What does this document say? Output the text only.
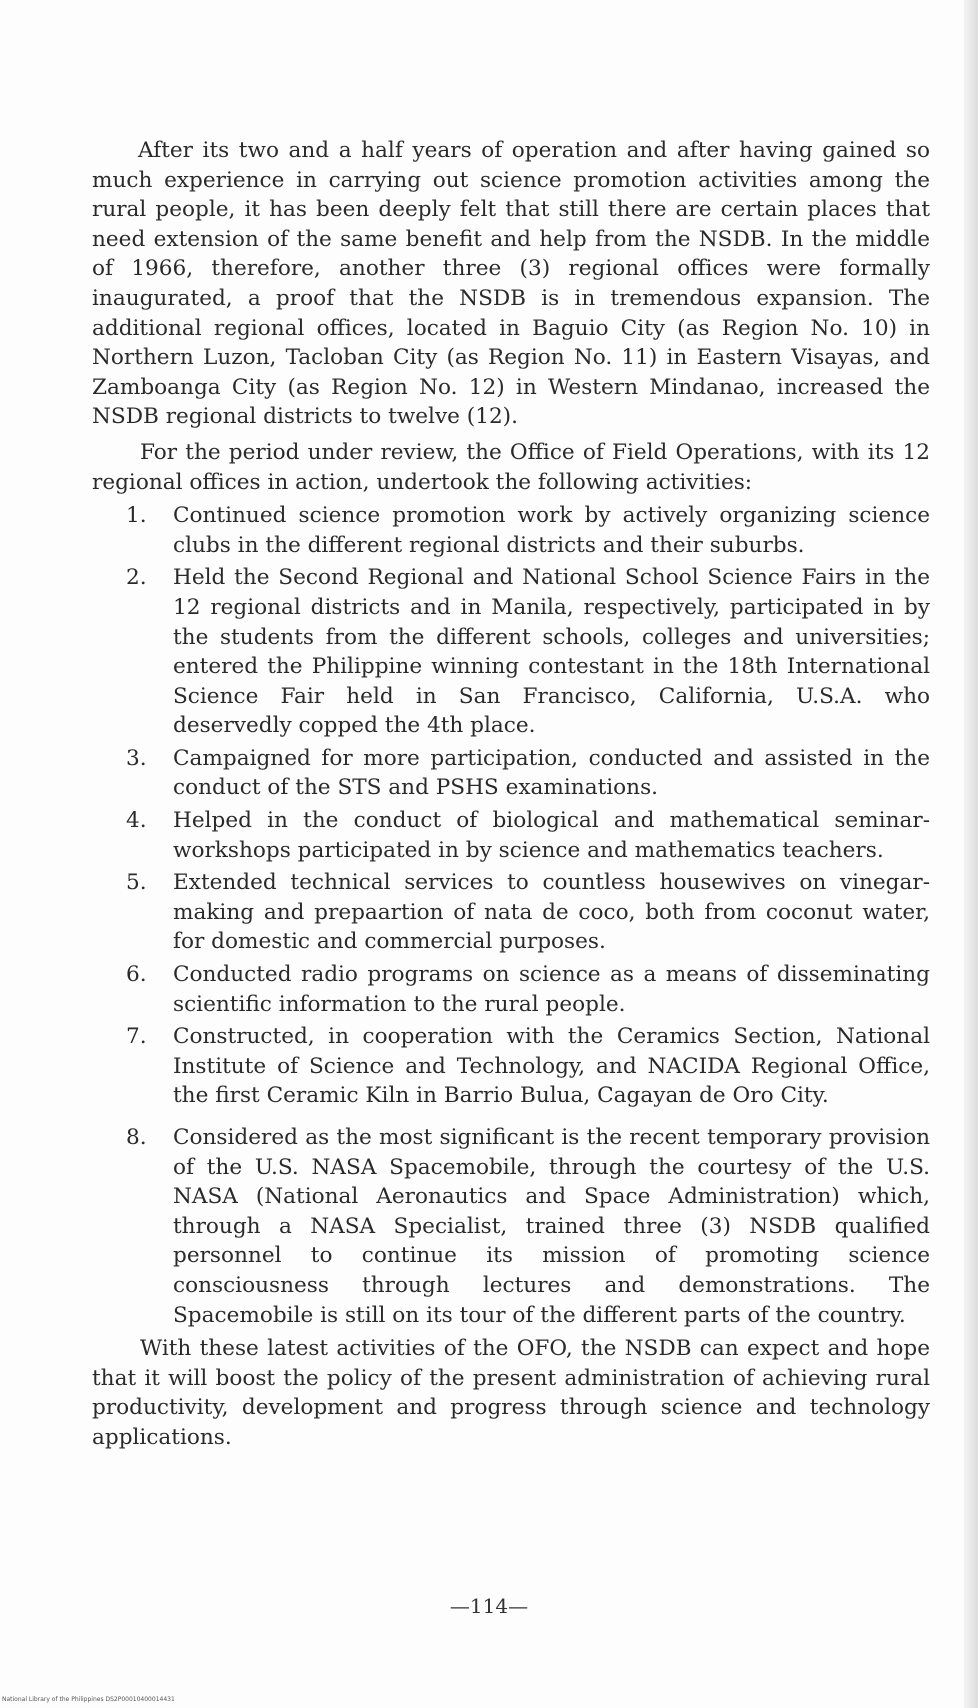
After its two and a half years of operation and after having gained so much experience in carrying out science promotion activities among the rural people, it has been deeply felt that still there are certain places that need extension of the same benefit and help from the NSDB. In the middle of 1966, therefore, another three (3) regional offices were formally inaugurated, a proof that the NSDB is in tremendous expansion. The additional regional offices, located in Baguio City (as Region No. 10) in Northern Luzon, Tacloban City (as Region No. 11) in Eastern Visayas, and Zamboanga City (as Region No. 12) in Western Mindanao, increased the NSDB regional districts to twelve (12).

For the period under review, the Office of Field Operations, with its 12 regional offices in action, undertook the following activities:

1.	Continued science promotion work by actively organizing science clubs in the different regional districts and their suburbs.
2.	Held the Second Regional and National School Science Fairs in the 12 regional districts and in Manila, respectively, participated in by the students from the different schools, colleges and universities; entered the Philippine winning contestant in the 18th International Science Fair held in San Francisco, California, U.S.A. who deservedly copped the 4th place.
3.	Campaigned for more participation, conducted and assisted in the conduct of the STS and PSHS examinations.
4.	Helped in the conduct of biological and mathematical seminar-workshops participated in by science and mathematics teachers.
5.	Extended technical services to countless housewives on vinegar-making and prepaartion of nata de coco, both from coconut water, for domestic and commercial purposes.
6.	Conducted radio programs on science as a means of disseminating scientific information to the rural people.
7.	Constructed, in cooperation with the Ceramics Section, National Institute of Science and Technology, and NACIDA Regional Office, the first Ceramic Kiln in Barrio Bulua, Cagayan de Oro City.
8.	Considered as the most significant is the recent temporary provision of the U.S. NASA Spacemobile, through the courtesy of the U.S. NASA (National Aeronautics and Space Administration) which, through a NASA Specialist, trained three (3) NSDB qualified personnel to continue its mission of promoting science consciousness through lectures and demonstrations. The Spacemobile is still on its tour of the different parts of the country.

With these latest activities of the OFO, the NSDB can expect and hope that it will boost the policy of the present administration of achieving rural productivity, development and progress through science and technology applications.

—114—
National Library of the Philippines DS2P00010400014431
